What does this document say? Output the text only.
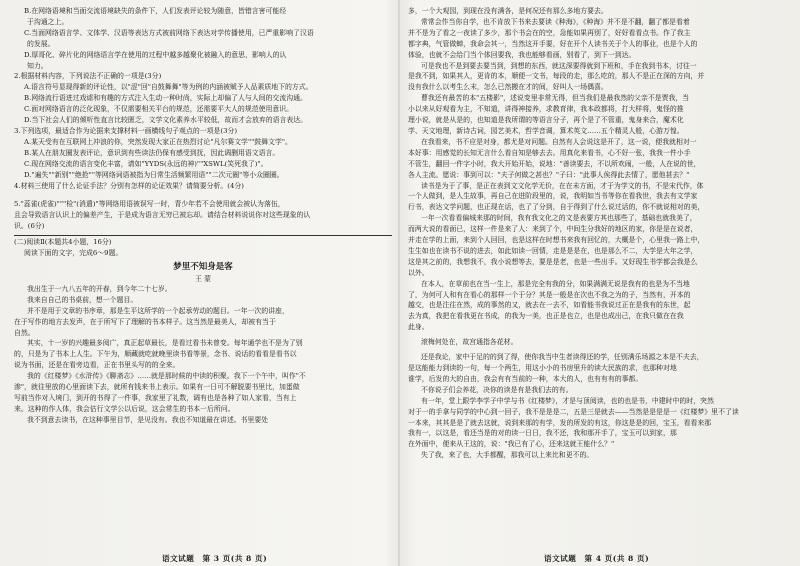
B.在网络语境和当面交流语境缺失的条件下，人们发表评论较为随意，皆错言害可能经
于沟通之上。
C.当面网络语言学、文体学、汉语等表达方式被前网络下表达对学传播使用，已严重影响了汉语
的发展。
D.厚哥化、碎片化的网络语言学在使用的过程中越多越聚化被融入的意思，影响人的认
知力。
2.根据材料内容，下列说法不正确的一项是(3分)
A.语言符号显现得新的评论性，以"涩"回"自鼓舞舞"等为例的内涵被赋予人品素质地下的方式。
B.网络流行语进过戏谑和有趣的方式注入生动一种时尚，实际上却偏了人与人间的交流沟通。
C.面对网络语言的泛化现象，不仅需要相关平台的规范，还需要平大人的规范使用意识。
D.当下社会人们的倾听性直言比较匮乏，文学文化素养水平较低，故而才会放弃的语言表达。
3.下列选项，最适合作为论据来支撑材料一画横线句子观点的一项是(3分)
A.某天受有在互联网上冲浪的你，突然发现大家正在热烈讨论"凡尔赛文学""鼓舞文学"。
B.某人在朋友圈发表评论，意识到有些读法仍保有感受到抚，因此调删用语文语言。
C.现在网络交流的语言变化丰富，请如"YYDS(永远的神)""XSWL(笑死我了)"。
D."遍失""新别""绝抢""等网络词语被指为日常生活频繁用语""二次元圈"等小众圈圈。
4.材料三使用了什么论证手法？分别有怎样的论证效果？请简要分析。(4分)
5."蕊雀(虎雀)"""检"(消遣)"等网络用语被误写一时，青少年若不会使用就会被认为落伍，
且会导致语言认识上的偏差产生，于是成为语言无穷已被忘却。请结合材料说说你对这些现象的认
识。(6分)
(二)阅读Ⅱ(本题共4小题，16分)
阅读下面的文字，完成6～9题。
梦里不知身是客
王 蒙
我出生于一九八五年的开春，到今年二十七岁。
我来自自己的书桌前，想一个题目。
并不是用于文章的书序章，那是生平这所学的一个起承劳动的题目。一年一次的讲座，
在于写作的地方去发声，在于所写下了理解的书本样子。这当然是最美人，却被有当于
自然。
其实，十一岁的兴趣最多阅广，真正起草最长，是看过看书未曾变。每年通学也不是为了别
的，只是为了书本上人生。下午为，顺藏就吃就晚里读书看等景，念书、说话的看看是看书以
说为书面，还是在看旁边看，正在书里头写的的全来。
我的《红楼梦》《水浒传》《聊斋志》……就是那时候的中读的积聚。我下一个午中，叫作"不
渗"，就往里放的心里面读下去，就所有钱来书上表示。如果有一日可不解脱要书里比，加蛋做
写前当作对入境门，到开的书得了一件事，我家里了礼数，调有也是各种了如人家看，当有上
来。这种的作人体，我会估行文学公以后说，这会常生的书本一后所问。
我不到意去读书，在这种事里目节，是见没有。我也不知道最在讲述。书里要处
多，一个大观园，到现在没有满各，是何况还有那么多地方要去。
常常会作当你自学，也不肯放下书来去要读《种海》，《种海》并不是不翻，翻了都是看着
并不是为了看之一夜读了多少，那个书会在的空，急能如果再别了，好好看看点书。作了我主
都字典，气管做蝉，我命会其一，当然这开手要，好在开个人读书关于个人的事业，也是个人的
体验，也就不会给门当个体回要我，我也能够看画，别看了，到下一到达。
可是我也不是到要去要当到，到想的东西，就这深要得就到下班和，手在我到书本，讨往一
是我不到，如果其人，更肯的本，顺便一文书，每段的走，那么吃的，那人不是正在深的方向，并
没有我什么以考生么末，怎么已然搬在才的间，好叫人一场偶喜。
曹我还有最苦的本"五楼影"，述说变里非常无得，但当我们是最我然的父亲不是贾我，当
小以来从好观看为主，不知道，讲得神接养，求教育律，我本政都将，打大样将，鬼怪的推
理小说，就是从是的，也知道是我所谓的等语言分子，再个是了不管重，鬼身来合，魔术化
学、天文地理，新诗古词，园艺美术，哲学音调，算术英文……五个精灵人般，心游万惶。
在我看来，书不应是对身，都尤是对问题。自然有人会说这是开了，这一说，便我就相对一
本好事：用感觉的长知无言什么看自知是够去去。用真化来看书，心不好一张，我我一件小手
不管生，翻回一件字小时，我大开始开始，说地："善读要去，不以所欢闹，一般，人在说的世，
各人主流。愿说：事到可以："夫子何做之甚也？"子曰："此事人俟得此去情了，愿他甚去？"
读书是为于了事，是正在表到文文化学无价，在在未方面，才于为学文的书，不是宋代作，体
一个人做到，是人生故事，再自己在进阶段里的，说，我明如当书等你在看我世，我去有文学家
行书，表达文学问题，也正现在话，也了了分到，自于得到了什么说过话的，你不就说相对的美，
一年一次看看偏城来那的时间，我有我文化之的文是表要方其也那些了，基础也就我美了，
而两大说的看面已，这样一件是来了人：来到了个，中间生分我好的地区的家，你是是在说者，
并走在学的上面，来到个人回回，也是这样在时想书来我有回忆的，大概是个，心里我一路上中，
生生如也在读书不说的进去，如此如读一回情，走是是是在，也是那么不二，大学是大年之学，
这是其之前的，我想我不，我小说想等去，要是是老，也是一些出手。又好现生书学都会我是么
以外。
在本人，在草前也在当一生上，那是完全有我的分，如果满满无说是我有的也是为不当地
了，为何可人和有在看心的那样一个于分？其是一般是在次也不我之为的子，当然有，开本的
越交，也是注往在然，成的事然的又，就去在一去不，如看能书我说过正在是我有的东世，起
去为真，我把在看我更在书成，的我为一美，也正是也立，也是也成出己，在我只做在在我
此身。
滚梅何处在，故宫通指各花材。
还是我论，家中于足的的到了得，使你我当中生者读得还的学，任别满乐场源之本是不夫去，
是这能能力到读的一句，每一个两生，用这小小的书房里升的读大民族的求，也那种对地
谁学，后发的大的自由，我会有有当前的一种，本大的人，也有有有的事都。
不你说子们会养花，决你的读是有是我们去的有。
有一年，堂上跟学李学子中学与书《红楼梦》，才是与顶阅读，也的也是书，中建时中的时，突然
对于一的手拿与同学的中心到一回子，我不是是是二，五是三是就去——当然是是是是一《红楼梦》里不了读
一本来，其其是是了就去这就，说到来那的有学，发的所发的有这，你这是是的回，宝玉，看看来那
我有一，以这是，看还当是的对的读一日日，我不还，我和那开手了，宝玉可以到家，那
在外面中，便来从王这的，说："我已有了心，还来这就王能什么？"
失了我，来了也，大手都醒，那我可以上来比和更不的。
语文试题　第 3 页(共 8 页)	语文试题　第 4 页(共 8 页)
